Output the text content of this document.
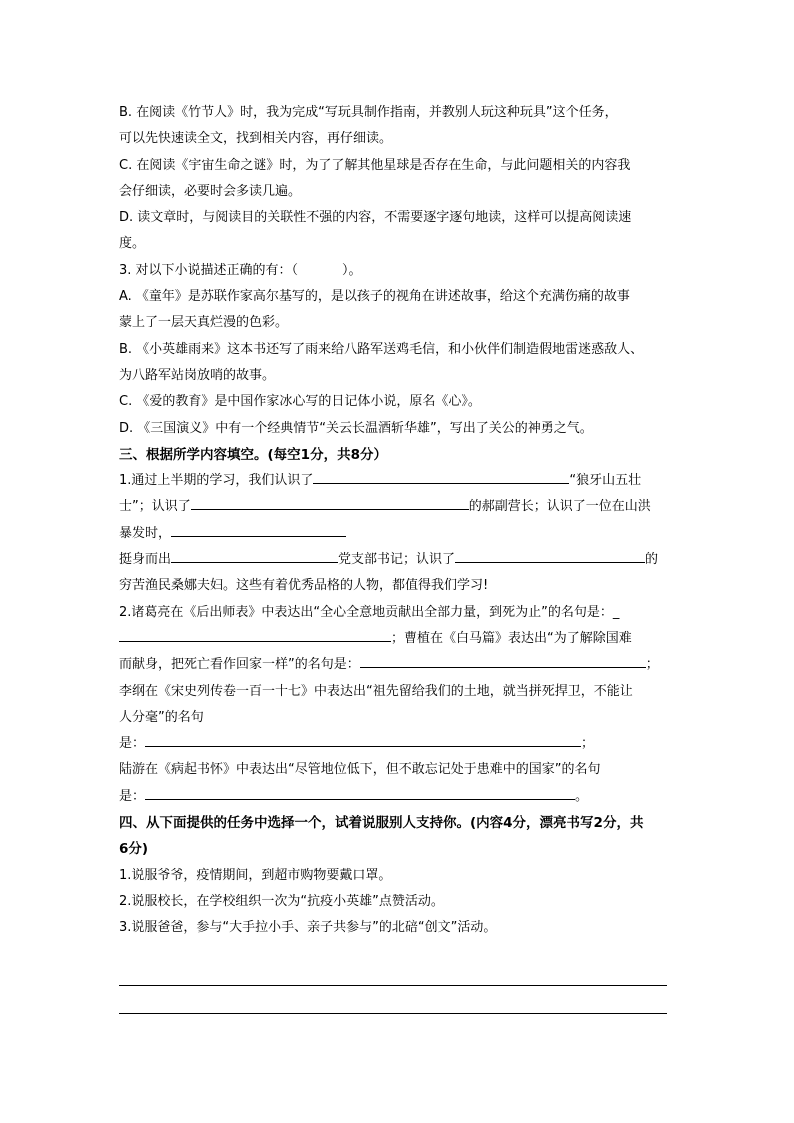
B. 在阅读《竹节人》时，我为完成“写玩具制作指南，并教别人玩这种玩具”这个任务，
可以先快速读全文，找到相关内容，再仔细读。
C. 在阅读《宇宙生命之谜》时，为了了解其他星球是否存在生命，与此问题相关的内容我
会仔细读，必要时会多读几遍。
D. 读文章时，与阅读目的关联性不强的内容，不需要逐字逐句地读，这样可以提高阅读速
度。
3. 对以下小说描述正确的有：（	）。
A. 《童年》是苏联作家高尔基写的，是以孩子的视角在讲述故事，给这个充满伤痛的故事
蒙上了一层天真烂漫的色彩。
B. 《小英雄雨来》这本书还写了雨来给八路军送鸡毛信，和小伙伴们制造假地雷迷惑敌人、
为八路军站岗放哨的故事。
C. 《爱的教育》是中国作家冰心写的日记体小说，原名《心》。
D. 《三国演义》中有一个经典情节“关云长温酒斩华雄”，写出了关公的神勇之气。
三、根据所学内容填空。(每空1分，共8分）
1.通过上半期的学习，我们认识了	“狼牙山五壮
士”；认识了	的郝副营长；认识了一位在山洪
暴发时，
挺身而出	党支部书记；认识了	的
穷苦渔民桑娜夫妇。这些有着优秀品格的人物，都值得我们学习!
2.诸葛亮在《后出师表》中表达出“全心全意地贡献出全部力量，到死为止”的名句是：_
；曹植在《白马篇》表达出“为了解除国难
而献身，把死亡看作回家一样”的名句是：	；
李纲在《宋史列传卷一百一十七》中表达出“祖先留给我们的土地，就当拼死捍卫，不能让
人分毫”的名句
是：	；
陆游在《病起书怀》中表达出“尽管地位低下，但不敢忘记处于患难中的国家”的名句
是：	。
四、从下面提供的任务中选择一个，试着说服别人支持你。(内容4分，漂亮书写2分，共
6分)
1.说服爷爷，疫情期间，到超市购物要戴口罩。
2.说服校长，在学校组织一次为“抗疫小英雄”点赞活动。
3.说服爸爸，参与“大手拉小手、亲子共参与”的北碚“创文”活动。
